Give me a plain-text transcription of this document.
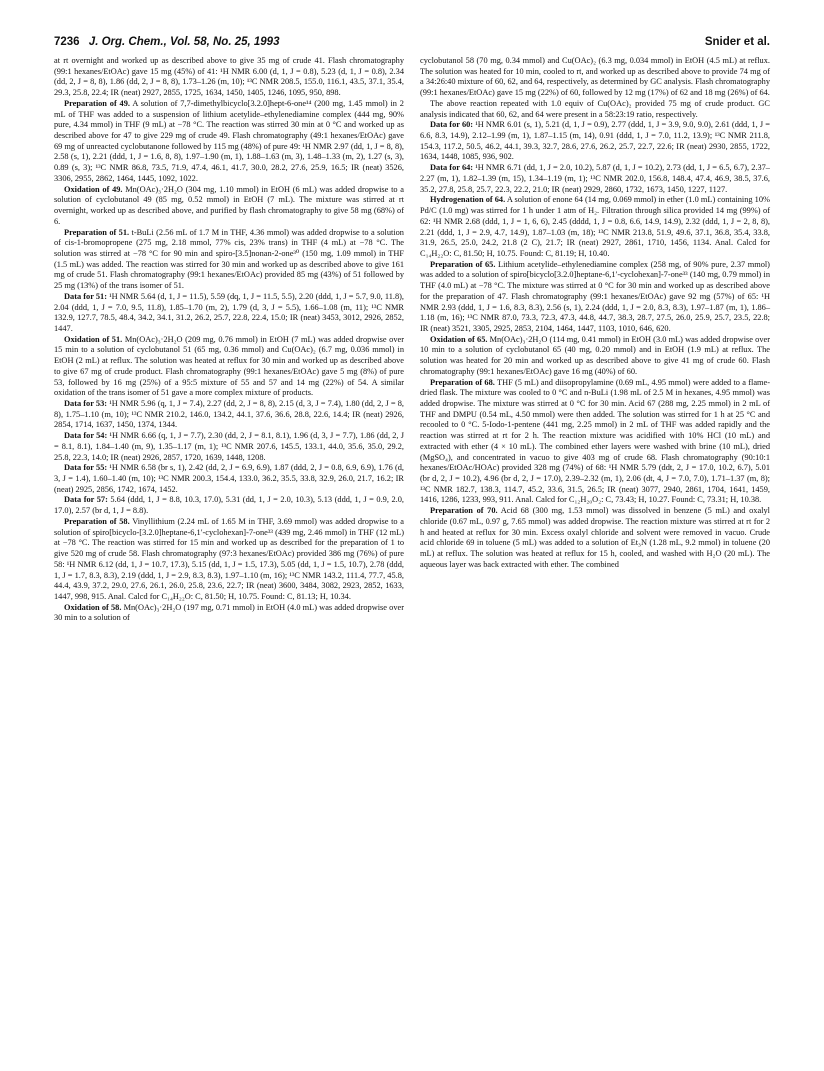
7236 J. Org. Chem., Vol. 58, No. 25, 1993	Snider et al.

at rt overnight and worked up as described above to give 35 mg of crude 41. Flash chromatography (99:1 hexanes/EtOAc) gave 15 mg (45%) of 41: ¹H NMR 6.00 (d, 1, J = 0.8), 5.23 (d, 1, J = 0.8), 2.34 (dd, 2, J = 8, 8), 1.86 (dd, 2, J = 8, 8), 1.73–1.26 (m, 10); ¹³C NMR 208.5, 155.0, 116.1, 43.5, 37.1, 35.4, 29.3, 25.8, 22.4; IR (neat) 2927, 2855, 1725, 1634, 1450, 1405, 1246, 1095, 950, 898.

Preparation of 49. A solution of 7,7-dimethylbicyclo[3.2.0]hept-6-one¹⁴ (200 mg, 1.45 mmol) in 2 mL of THF was added to a suspension of lithium acetylide–ethylenediamine complex (444 mg, 90% pure, 4.34 mmol) in THF (9 mL) at −78 °C. The reaction was stirred 30 min at 0 °C and worked up as described above for 47 to give 229 mg of crude 49. Flash chromatography (49:1 hexanes/EtOAc) gave 69 mg of unreacted cyclobutanone followed by 115 mg (48%) of pure 49: ¹H NMR 2.97 (dd, 1, J = 8, 8), 2.58 (s, 1), 2.21 (ddd, 1, J = 1.6, 8, 8), 1.97–1.90 (m, 1), 1.88–1.63 (m, 3), 1.48–1.33 (m, 2), 1.27 (s, 3), 0.89 (s, 3); ¹³C NMR 86.8, 73.5, 71.9, 47.4, 46.1, 41.7, 30.0, 28.2, 27.6, 25.9, 16.5; IR (neat) 3526, 3306, 2955, 2862, 1464, 1445, 1092, 1022.

Oxidation of 49. Mn(OAc)₃·2H₂O (304 mg, 1.10 mmol) in EtOH (6 mL) was added dropwise to a solution of cyclobutanol 49 (85 mg, 0.52 mmol) in EtOH (7 mL). The mixture was stirred at rt overnight, worked up as described above, and purified by flash chromatography to give 58 mg (68%) of 6.

Preparation of 51. t-BuLi (2.56 mL of 1.7 M in THF, 4.36 mmol) was added dropwise to a solution of cis-1-bromopropene (275 mg, 2.18 mmol, 77% cis, 23% trans) in THF (4 mL) at −78 °C. The solution was stirred at −78 °C for 90 min and spiro-[3.5]nonan-2-one³⁰ (150 mg, 1.09 mmol) in THF (1.5 mL) was added. The reaction was stirred for 30 min and worked up as described above to give 161 mg of crude 51. Flash chromatography (99:1 hexanes/EtOAc) provided 85 mg (43%) of 51 followed by 25 mg (13%) of the trans isomer of 51.

Data for 51: ¹H NMR 5.64 (d, 1, J = 11.5), 5.59 (dq, 1, J = 11.5, 5.5), 2.20 (ddd, 1, J = 5.7, 9.0, 11.8), 2.04 (ddd, 1, J = 7.0, 9.5, 11.8), 1.85–1.70 (m, 2), 1.79 (d, 3, J = 5.5), 1.66–1.08 (m, 11); ¹³C NMR 132.9, 127.7, 78.5, 48.4, 34.2, 34.1, 31.2, 26.2, 25.7, 22.8, 22.4, 15.0; IR (neat) 3453, 3012, 2926, 2852, 1447.

Oxidation of 51. Mn(OAc)₃·2H₂O (209 mg, 0.76 mmol) in EtOH (7 mL) was added dropwise over 15 min to a solution of cyclobutanol 51 (65 mg, 0.36 mmol) and Cu(OAc)₂ (6.7 mg, 0.036 mmol) in EtOH (2 mL) at reflux. The solution was heated at reflux for 30 min and worked up as described above to give 67 mg of crude product. Flash chromatography (99:1 hexanes/EtOAc) gave 5 mg (8%) of pure 53, followed by 16 mg (25%) of a 95:5 mixture of 55 and 57 and 14 mg (22%) of 54. A similar oxidation of the trans isomer of 51 gave a more complex mixture of products.

Data for 53: ¹H NMR 5.96 (q, 1, J = 7.4), 2.27 (dd, 2, J = 8, 8), 2.15 (d, 3, J = 7.4), 1.80 (dd, 2, J = 8, 8), 1.75–1.10 (m, 10); ¹³C NMR 210.2, 146.0, 134.2, 44.1, 37.6, 36.6, 28.8, 22.6, 14.4; IR (neat) 2926, 2854, 1714, 1637, 1450, 1374, 1344.

Data for 54: ¹H NMR 6.66 (q, 1, J = 7.7), 2.30 (dd, 2, J = 8.1, 8.1), 1.96 (d, 3, J = 7.7), 1.86 (dd, 2, J = 8.1, 8.1), 1.84–1.40 (m, 9), 1.35–1.17 (m, 1); ¹³C NMR 207.6, 145.5, 133.1, 44.0, 35.6, 35.0, 29.2, 25.8, 22.3, 14.0; IR (neat) 2926, 2857, 1720, 1639, 1448, 1208.

Data for 55: ¹H NMR 6.58 (br s, 1), 2.42 (dd, 2, J = 6.9, 6.9), 1.87 (ddd, 2, J = 0.8, 6.9, 6.9), 1.76 (d, 3, J = 1.4), 1.60–1.40 (m, 10); ¹³C NMR 200.3, 154.4, 133.0, 36.2, 35.5, 33.8, 32.9, 26.0, 21.7, 16.2; IR (neat) 2925, 2856, 1742, 1674, 1452.

Data for 57: 5.64 (ddd, 1, J = 8.8, 10.3, 17.0), 5.31 (dd, 1, J = 2.0, 10.3), 5.13 (ddd, 1, J = 0.9, 2.0, 17.0), 2.57 (br d, 1, J = 8.8).

Preparation of 58. Vinyllithium (2.24 mL of 1.65 M in THF, 3.69 mmol) was added dropwise to a solution of spiro[bicyclo-[3.2.0]heptane-6,1′-cyclohexan]-7-one³³ (439 mg, 2.46 mmol) in THF (12 mL) at −78 °C. The reaction was stirred for 15 min and worked up as described for the preparation of 1 to give 520 mg of crude 58. Flash chromatography (97:3 hexanes/EtOAc) provided 386 mg (76%) of pure 58: ¹H NMR 6.12 (dd, 1, J = 10.7, 17.3), 5.15 (dd, 1, J = 1.5, 17.3), 5.05 (dd, 1, J = 1.5, 10.7), 2.78 (ddd, 1, J = 1.7, 8.3, 8.3), 2.19 (ddd, 1, J = 2.9, 8.3, 8.3), 1.97–1.10 (m, 16); ¹³C NMR 143.2, 111.4, 77.7, 45.8, 44.4, 43.9, 37.2, 29.0, 27.6, 26.1, 26.0, 25.8, 23.6, 22.7; IR (neat) 3600, 3484, 3082, 2923, 2852, 1633, 1447, 998, 915. Anal. Calcd for C₁₄H₂₂O: C, 81.50; H, 10.75. Found: C, 81.13; H, 10.34.

Oxidation of 58. Mn(OAc)₃·2H₂O (197 mg, 0.71 mmol) in EtOH (4.0 mL) was added dropwise over 30 min to a solution of

cyclobutanol 58 (70 mg, 0.34 mmol) and Cu(OAc)₂ (6.3 mg, 0.034 mmol) in EtOH (4.5 mL) at reflux. The solution was heated for 10 min, cooled to rt, and worked up as described above to provide 74 mg of a 34:26:40 mixture of 60, 62, and 64, respectively, as determined by GC analysis. Flash chromatography (99:1 hexanes/EtOAc) gave 15 mg (22%) of 60, followed by 12 mg (17%) of 62 and 18 mg (26%) of 64.

The above reaction repeated with 1.0 equiv of Cu(OAc)₂ provided 75 mg of crude product. GC analysis indicated that 60, 62, and 64 were present in a 58:23:19 ratio, respectively.

Data for 60: ¹H NMR 6.01 (s, 1), 5.21 (d, 1, J = 0.9), 2.77 (ddd, 1, J = 3.9, 9.0, 9.0), 2.61 (ddd, 1, J = 6.6, 8.3, 14.9), 2.12–1.99 (m, 1), 1.87–1.15 (m, 14), 0.91 (ddd, 1, J = 7.0, 11.2, 13.9); ¹³C NMR 211.8, 154.3, 117.2, 50.5, 46.2, 44.1, 39.3, 32.7, 28.6, 27.6, 26.2, 25.7, 22.7, 22.6; IR (neat) 2930, 2855, 1722, 1634, 1448, 1085, 936, 902.

Data for 64: ¹H NMR 6.71 (dd, 1, J = 2.0, 10.2), 5.87 (d, 1, J = 10.2), 2.73 (dd, 1, J = 6.5, 6.7), 2.37–2.27 (m, 1), 1.82–1.39 (m, 15), 1.34–1.19 (m, 1); ¹³C NMR 202.0, 156.8, 148.4, 47.4, 46.9, 38.5, 37.6, 35.2, 27.8, 25.8, 25.7, 22.3, 22.2, 21.0; IR (neat) 2929, 2860, 1732, 1673, 1450, 1227, 1127.

Hydrogenation of 64. A solution of enone 64 (14 mg, 0.069 mmol) in ether (1.0 mL) containing 10% Pd/C (1.0 mg) was stirred for 1 h under 1 atm of H₂. Filtration through silica provided 14 mg (99%) of 62: ¹H NMR 2.68 (ddd, 1, J = 1, 6, 6), 2.45 (dddd, 1, J = 0.8, 6.6, 14.9, 14.9), 2.32 (ddd, 1, J = 2, 8, 8), 2.21 (ddd, 1, J = 2.9, 4.7, 14.9), 1.87–1.03 (m, 18); ¹³C NMR 213.8, 51.9, 49.6, 37.1, 36.8, 35.4, 33.8, 31.9, 26.5, 25.0, 24.2, 21.8 (2 C), 21.7; IR (neat) 2927, 2861, 1710, 1456, 1134. Anal. Calcd for C₁₄H₂₂O: C, 81.50; H, 10.75. Found: C, 81.19; H, 10.40.

Preparation of 65. Lithium acetylide–ethylenediamine complex (258 mg, of 90% pure, 2.37 mmol) was added to a solution of spiro[bicyclo[3.2.0]heptane-6,1′-cyclohexan]-7-one³³ (140 mg, 0.79 mmol) in THF (4.0 mL) at −78 °C. The mixture was stirred at 0 °C for 30 min and worked up as described above for the preparation of 47. Flash chromatography (99:1 hexanes/EtOAc) gave 92 mg (57%) of 65: ¹H NMR 2.93 (ddd, 1, J = 1.6, 8.3, 8.3), 2.56 (s, 1), 2.24 (ddd, 1, J = 2.0, 8.3, 8.3), 1.97–1.87 (m, 1), 1.86–1.18 (m, 16); ¹³C NMR 87.0, 73.3, 72.3, 47.3, 44.8, 44.7, 38.3, 28.7, 27.5, 26.0, 25.9, 25.7, 23.5, 22.8; IR (neat) 3521, 3305, 2925, 2853, 2104, 1464, 1447, 1103, 1010, 646, 620.

Oxidation of 65. Mn(OAc)₃·2H₂O (114 mg, 0.41 mmol) in EtOH (3.0 mL) was added dropwise over 10 min to a solution of cyclobutanol 65 (40 mg, 0.20 mmol) and in EtOH (1.9 mL) at reflux. The solution was heated for 20 min and worked up as described above to give 41 mg of crude 60. Flash chromatography (99:1 hexanes/EtOAc) gave 16 mg (40%) of 60.

Preparation of 68. THF (5 mL) and diisopropylamine (0.69 mL, 4.95 mmol) were added to a flame-dried flask. The mixture was cooled to 0 °C and n-BuLi (1.98 mL of 2.5 M in hexanes, 4.95 mmol) was added dropwise. The mixture was stirred at 0 °C for 30 min. Acid 67 (288 mg, 2.25 mmol) in 2 mL of THF and DMPU (0.54 mL, 4.50 mmol) were then added. The solution was stirred for 1 h at 25 °C and recooled to 0 °C. 5-Iodo-1-pentene (441 mg, 2.25 mmol) in 2 mL of THF was added rapidly and the reaction was stirred at rt for 2 h. The reaction mixture was acidified with 10% HCl (10 mL) and extracted with ether (4 × 10 mL). The combined ether layers were washed with brine (10 mL), dried (MgSO₄), and concentrated in vacuo to give 403 mg of crude 68. Flash chromatography (90:10:1 hexanes/EtOAc/HOAc) provided 328 mg (74%) of 68: ¹H NMR 5.79 (ddt, 2, J = 17.0, 10.2, 6.7), 5.01 (br d, 2, J = 10.2), 4.96 (br d, 2, J = 17.0), 2.39–2.32 (m, 1), 2.06 (dt, 4, J = 7.0, 7.0), 1.71–1.37 (m, 8); ¹³C NMR 182.7, 138.3, 114.7, 45.2, 33.6, 31.5, 26.5; IR (neat) 3077, 2940, 2861, 1704, 1641, 1459, 1416, 1286, 1233, 993, 911. Anal. Calcd for C₁₂H₂₀O₂: C, 73.43; H, 10.27. Found: C, 73.31; H, 10.38.

Preparation of 70. Acid 68 (300 mg, 1.53 mmol) was dissolved in benzene (5 mL) and oxalyl chloride (0.67 mL, 0.97 g, 7.65 mmol) was added dropwise. The reaction mixture was stirred at rt for 2 h and heated at reflux for 30 min. Excess oxalyl chloride and solvent were removed in vacuo. Crude acid chloride 69 in toluene (5 mL) was added to a solution of Et₃N (1.28 mL, 9.2 mmol) in toluene (20 mL) at reflux. The solution was heated at reflux for 15 h, cooled, and washed with H₂O (20 mL). The aqueous layer was back extracted with ether. The combined
